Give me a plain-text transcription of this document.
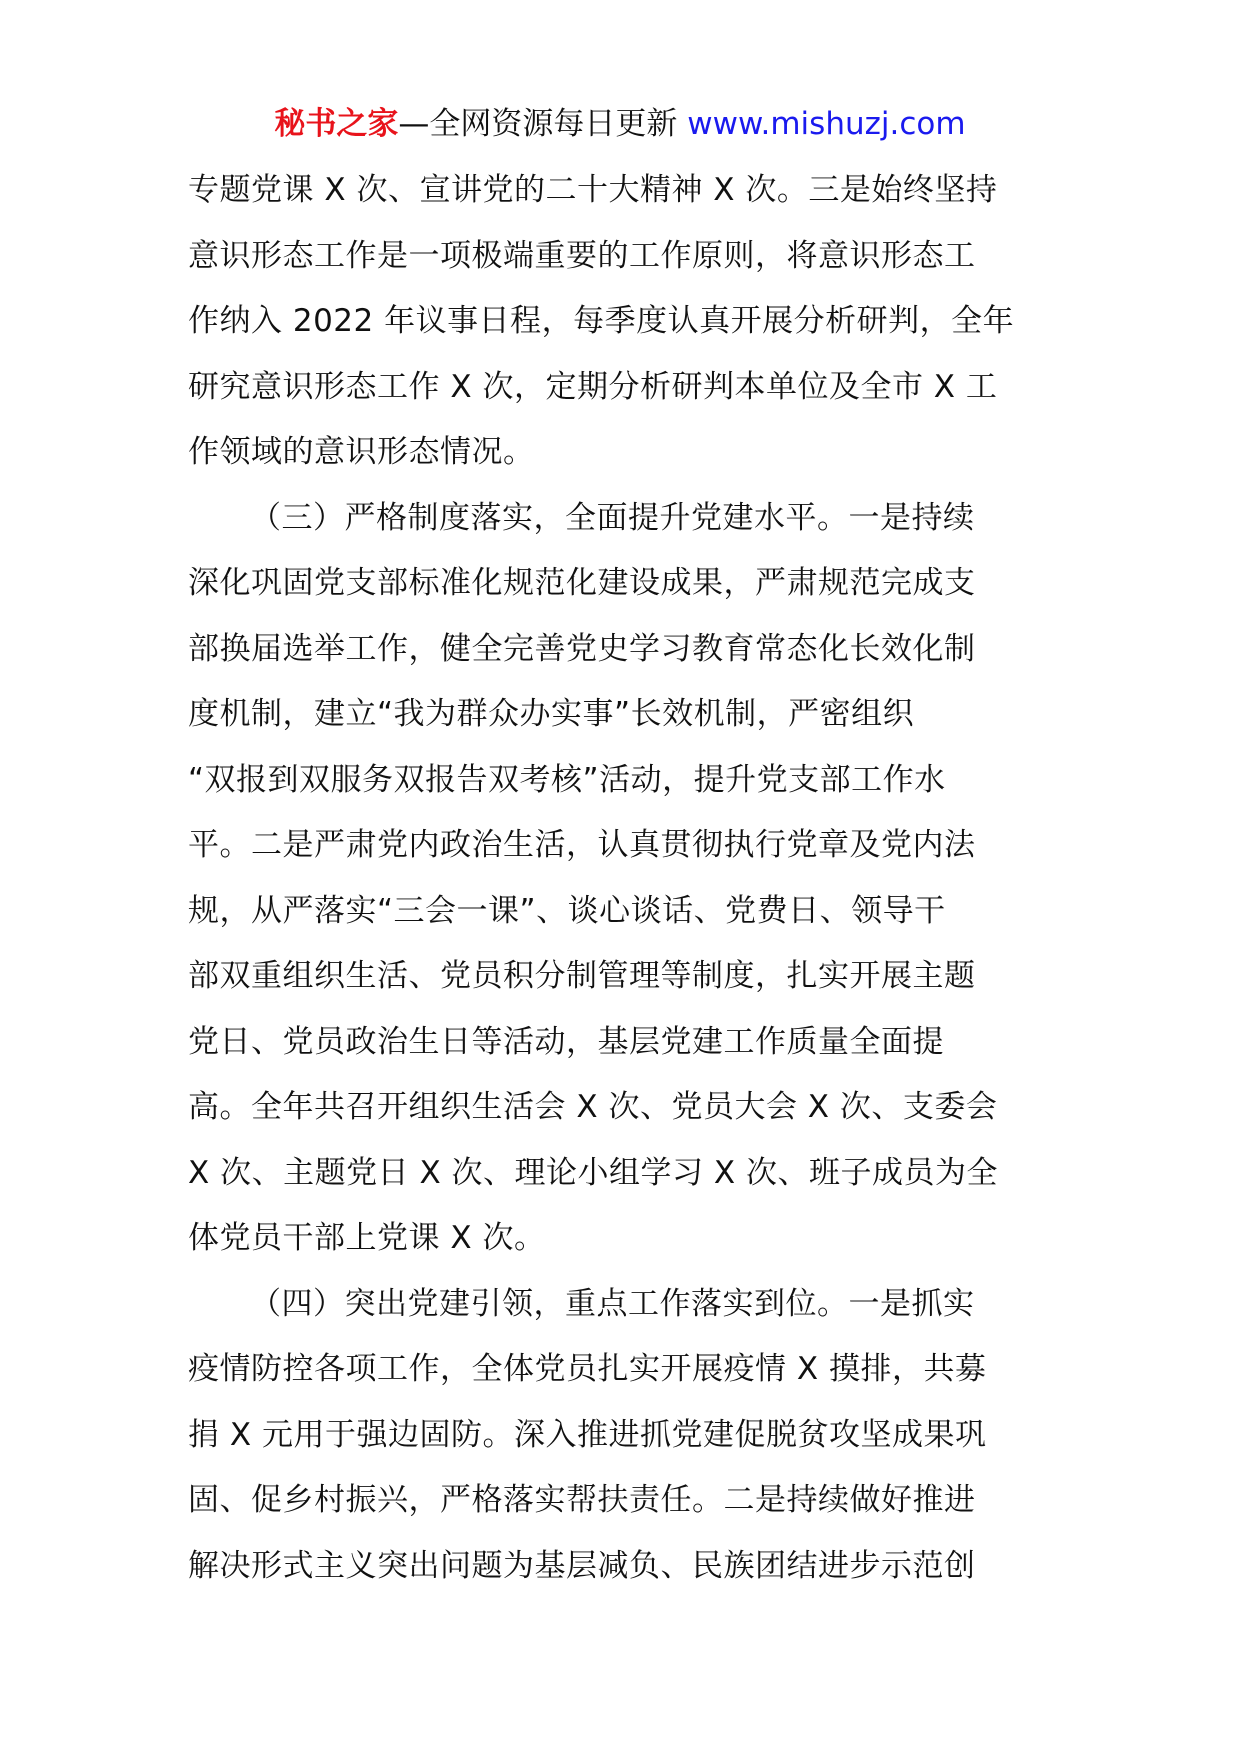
秘书之家—全网资源每日更新 www.mishuzj.com
专题党课 X 次、宣讲党的二十大精神 X 次。三是始终坚持
意识形态工作是一项极端重要的工作原则，将意识形态工
作纳入 2022 年议事日程，每季度认真开展分析研判，全年
研究意识形态工作 X 次，定期分析研判本单位及全市 X 工
作领域的意识形态情况。
（三）严格制度落实，全面提升党建水平。一是持续
深化巩固党支部标准化规范化建设成果，严肃规范完成支
部换届选举工作，健全完善党史学习教育常态化长效化制
度机制，建立“我为群众办实事”长效机制，严密组织
“双报到双服务双报告双考核”活动，提升党支部工作水
平。二是严肃党内政治生活，认真贯彻执行党章及党内法
规，从严落实“三会一课”、谈心谈话、党费日、领导干
部双重组织生活、党员积分制管理等制度，扎实开展主题
党日、党员政治生日等活动，基层党建工作质量全面提
高。全年共召开组织生活会 X 次、党员大会 X 次、支委会
X 次、主题党日 X 次、理论小组学习 X 次、班子成员为全
体党员干部上党课 X 次。
（四）突出党建引领，重点工作落实到位。一是抓实
疫情防控各项工作，全体党员扎实开展疫情 X 摸排，共募
捐 X 元用于强边固防。深入推进抓党建促脱贫攻坚成果巩
固、促乡村振兴，严格落实帮扶责任。二是持续做好推进
解决形式主义突出问题为基层减负、民族团结进步示范创
